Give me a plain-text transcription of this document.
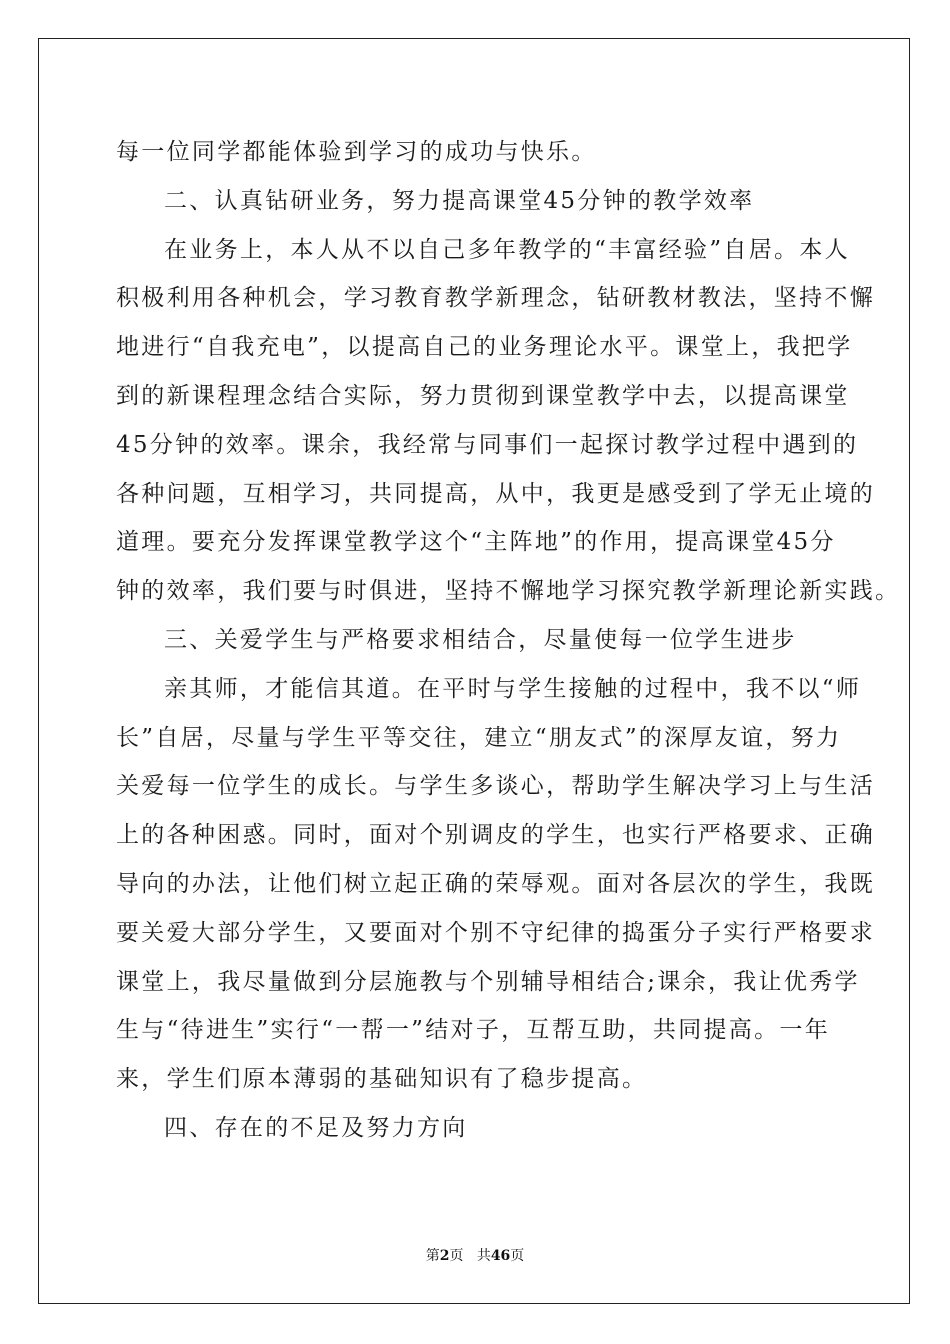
每一位同学都能体验到学习的成功与快乐。
二、认真钻研业务，努力提高课堂45分钟的教学效率
在业务上，本人从不以自己多年教学的“丰富经验”自居。本人
积极利用各种机会，学习教育教学新理念，钻研教材教法，坚持不懈
地进行“自我充电”，以提高自己的业务理论水平。课堂上，我把学
到的新课程理念结合实际，努力贯彻到课堂教学中去，以提高课堂
45分钟的效率。课余，我经常与同事们一起探讨教学过程中遇到的
各种问题，互相学习，共同提高，从中，我更是感受到了学无止境的
道理。要充分发挥课堂教学这个“主阵地”的作用，提高课堂45分
钟的效率，我们要与时俱进，坚持不懈地学习探究教学新理论新实践。
三、关爱学生与严格要求相结合，尽量使每一位学生进步
亲其师，才能信其道。在平时与学生接触的过程中，我不以“师
长”自居，尽量与学生平等交往，建立“朋友式”的深厚友谊，努力
关爱每一位学生的成长。与学生多谈心，帮助学生解决学习上与生活
上的各种困惑。同时，面对个别调皮的学生，也实行严格要求、正确
导向的办法，让他们树立起正确的荣辱观。面对各层次的学生，我既
要关爱大部分学生，又要面对个别不守纪律的捣蛋分子实行严格要求
课堂上，我尽量做到分层施教与个别辅导相结合;课余，我让优秀学
生与“待进生”实行“一帮一”结对子，互帮互助，共同提高。一年
来，学生们原本薄弱的基础知识有了稳步提高。
四、存在的不足及努力方向
第2页 共46页
